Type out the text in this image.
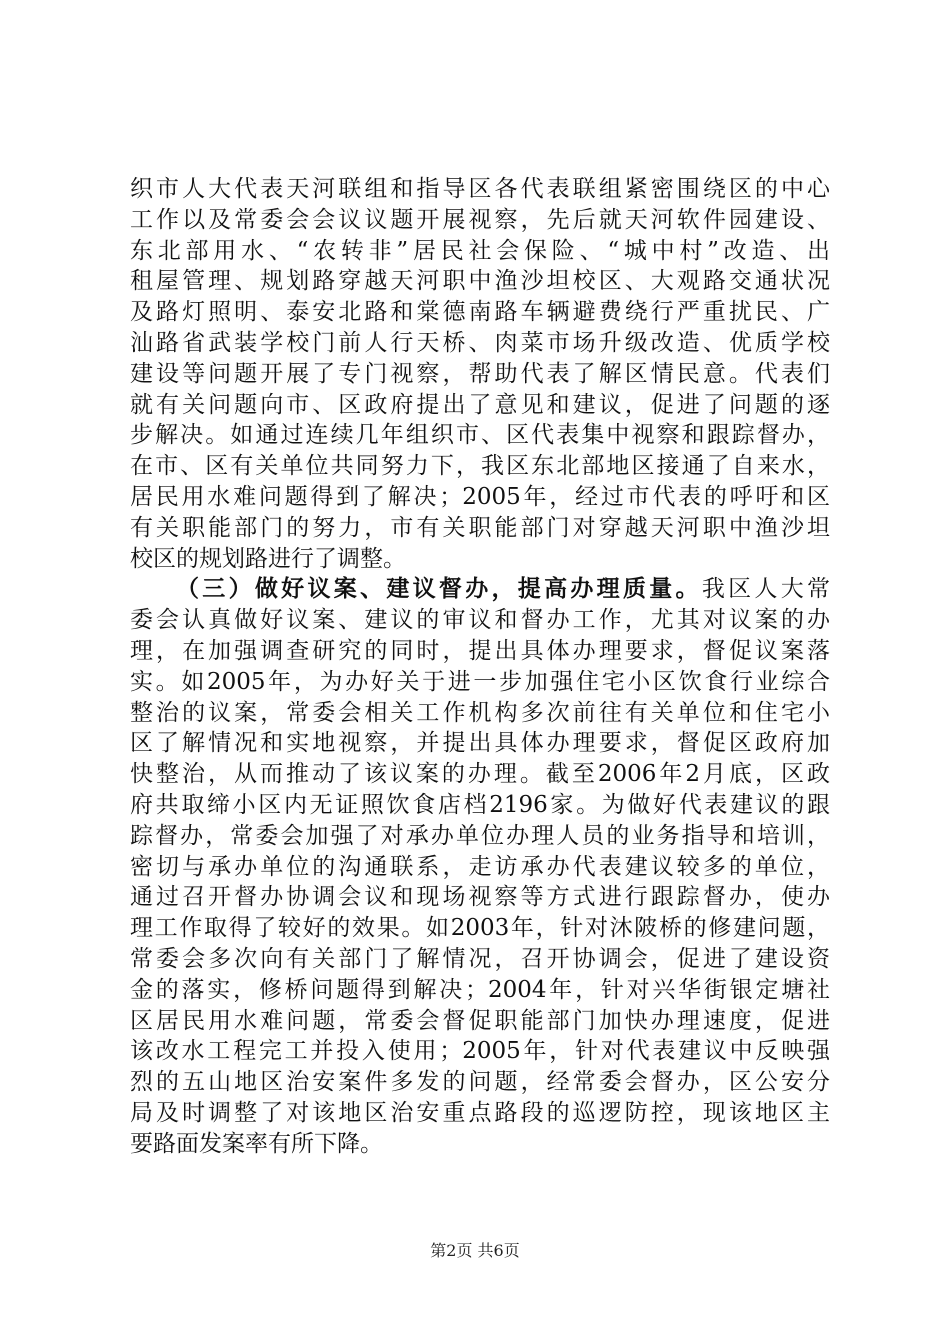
织市人大代表天河联组和指导区各代表联组紧密围绕区的中心
工作以及常委会会议议题开展视察，先后就天河软件园建设、
东北部用水、“农转非”居民社会保险、“城中村”改造、出
租屋管理、规划路穿越天河职中渔沙坦校区、大观路交通状况
及路灯照明、泰安北路和棠德南路车辆避费绕行严重扰民、广
汕路省武装学校门前人行天桥、肉菜市场升级改造、优质学校
建设等问题开展了专门视察，帮助代表了解区情民意。代表们
就有关问题向市、区政府提出了意见和建议，促进了问题的逐
步解决。如通过连续几年组织市、区代表集中视察和跟踪督办，
在市、区有关单位共同努力下，我区东北部地区接通了自来水，
居民用水难问题得到了解决；2005年，经过市代表的呼吁和区
有关职能部门的努力，市有关职能部门对穿越天河职中渔沙坦
校区的规划路进行了调整。
（三）做好议案、建议督办，提高办理质量。我区人大常
委会认真做好议案、建议的审议和督办工作，尤其对议案的办
理，在加强调查研究的同时，提出具体办理要求，督促议案落
实。如2005年，为办好关于进一步加强住宅小区饮食行业综合
整治的议案，常委会相关工作机构多次前往有关单位和住宅小
区了解情况和实地视察，并提出具体办理要求，督促区政府加
快整治，从而推动了该议案的办理。截至2006年2月底，区政
府共取缔小区内无证照饮食店档2196家。为做好代表建议的跟
踪督办，常委会加强了对承办单位办理人员的业务指导和培训，
密切与承办单位的沟通联系，走访承办代表建议较多的单位，
通过召开督办协调会议和现场视察等方式进行跟踪督办，使办
理工作取得了较好的效果。如2003年，针对沐陂桥的修建问题，
常委会多次向有关部门了解情况，召开协调会，促进了建设资
金的落实，修桥问题得到解决；2004年，针对兴华街银定塘社
区居民用水难问题，常委会督促职能部门加快办理速度，促进
该改水工程完工并投入使用；2005年，针对代表建议中反映强
烈的五山地区治安案件多发的问题，经常委会督办，区公安分
局及时调整了对该地区治安重点路段的巡逻防控，现该地区主
要路面发案率有所下降。
第2页 共6页
